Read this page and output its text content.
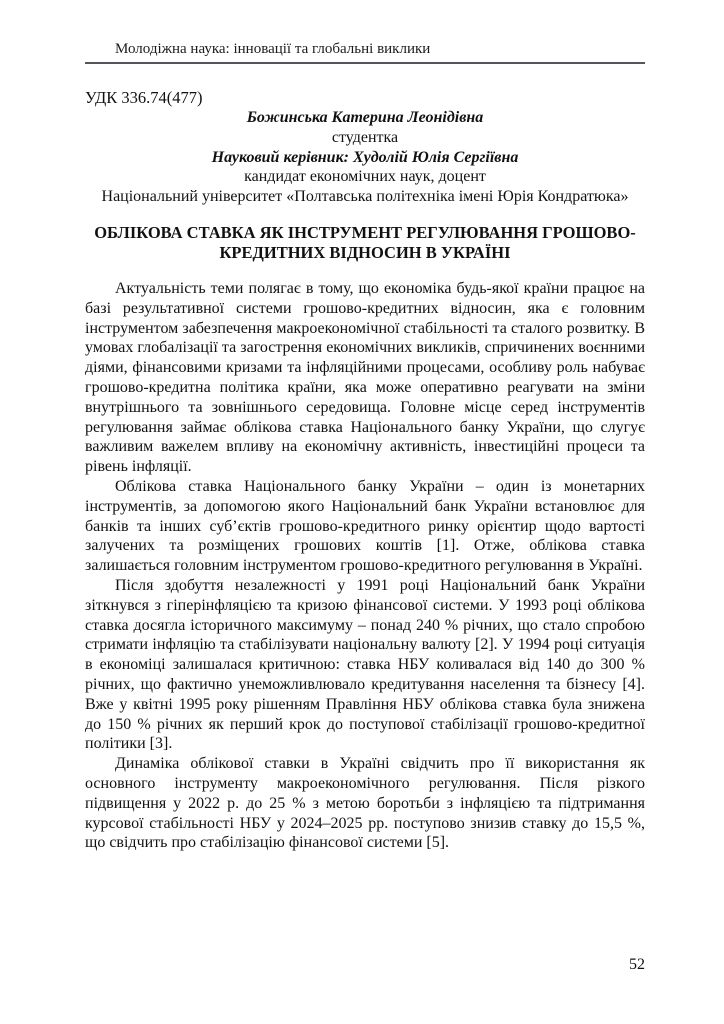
Молодіжна наука: інновації та глобальні виклики
УДК 336.74(477)
Божинська Катерина Леонідівна
студентка
Науковий керівник: Худолій Юлія Сергіївна
кандидат економічних наук, доцент
Національний університет «Полтавська політехніка імені Юрія Кондратюка»
ОБЛІКОВА СТАВКА ЯК ІНСТРУМЕНТ РЕГУЛЮВАННЯ ГРОШОВО-КРЕДИТНИХ ВІДНОСИН В УКРАЇНІ

Актуальність теми полягає в тому, що економіка будь-якої країни працює на базі результативної системи грошово-кредитних відносин, яка є головним інструментом забезпечення макроекономічної стабільності та сталого розвитку. В умовах глобалізації та загострення економічних викликів, спричинених воєнними діями, фінансовими кризами та інфляційними процесами, особливу роль набуває грошово-кредитна політика країни, яка може оперативно реагувати на зміни внутрішнього та зовнішнього середовища. Головне місце серед інструментів регулювання займає облікова ставка Національного банку України, що слугує важливим важелем впливу на економічну активність, інвестиційні процеси та рівень інфляції.

Облікова ставка Національного банку України – один із монетарних інструментів, за допомогою якого Національний банк України встановлює для банків та інших суб’єктів грошово-кредитного ринку орієнтир щодо вартості залучених та розміщених грошових коштів [1]. Отже, облікова ставка залишається головним інструментом грошово-кредитного регулювання в Україні.

Після здобуття незалежності у 1991 році Національний банк України зіткнувся з гіперінфляцією та кризою фінансової системи. У 1993 році облікова ставка досягла історичного максимуму – понад 240 % річних, що стало спробою стримати інфляцію та стабілізувати національну валюту [2]. У 1994 році ситуація в економіці залишалася критичною: ставка НБУ коливалася від 140 до 300 % річних, що фактично унеможливлювало кредитування населення та бізнесу [4]. Вже у квітні 1995 року рішенням Правління НБУ облікова ставка була знижена до 150 % річних як перший крок до поступової стабілізації грошово-кредитної політики [3].

Динаміка облікової ставки в Україні свідчить про її використання як основного інструменту макроекономічного регулювання. Після різкого підвищення у 2022 р. до 25 % з метою боротьби з інфляцією та підтримання курсової стабільності НБУ у 2024–2025 рр. поступово знизив ставку до 15,5 %, що свідчить про стабілізацію фінансової системи [5].

52
